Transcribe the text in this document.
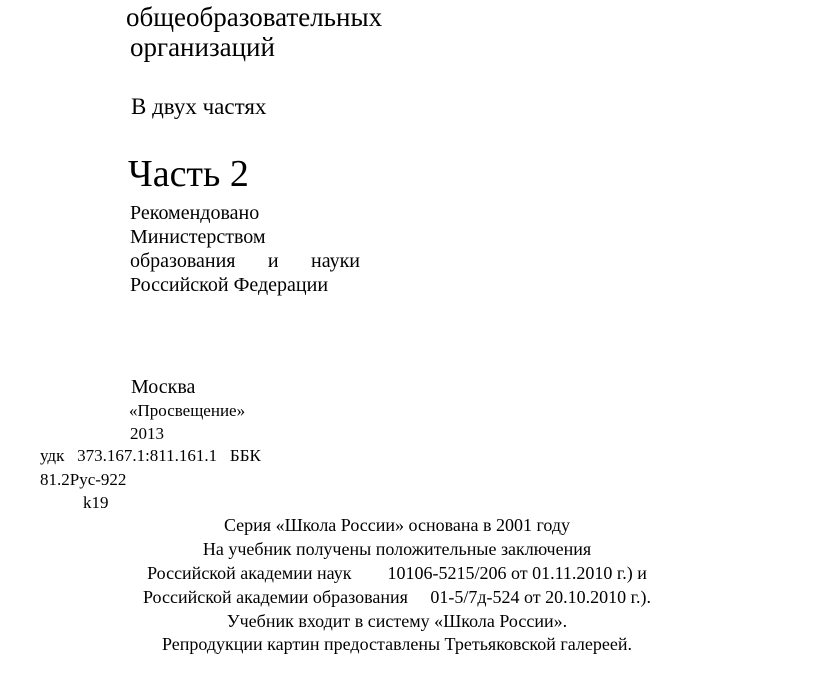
общеобразовательных
организаций
В двух частях
Часть 2
Рекомендовано
Министерством
образования и науки
Российской Федерации
Москва
«Просвещение»
2013
удк   373.167.1:811.161.1   ББК
81.2Рус-922
k19
Серия «Школа России» основана в 2001 году
На учебник получены положительные заключения
Российской академии наук        10106-5215/206 от 01.11.2010 г.) и
Российской академии образования     01-5/7д-524 от 20.10.2010 г.).
Учебник входит в систему «Школа России».
Репродукции картин предоставлены Третьяковской галереей.
